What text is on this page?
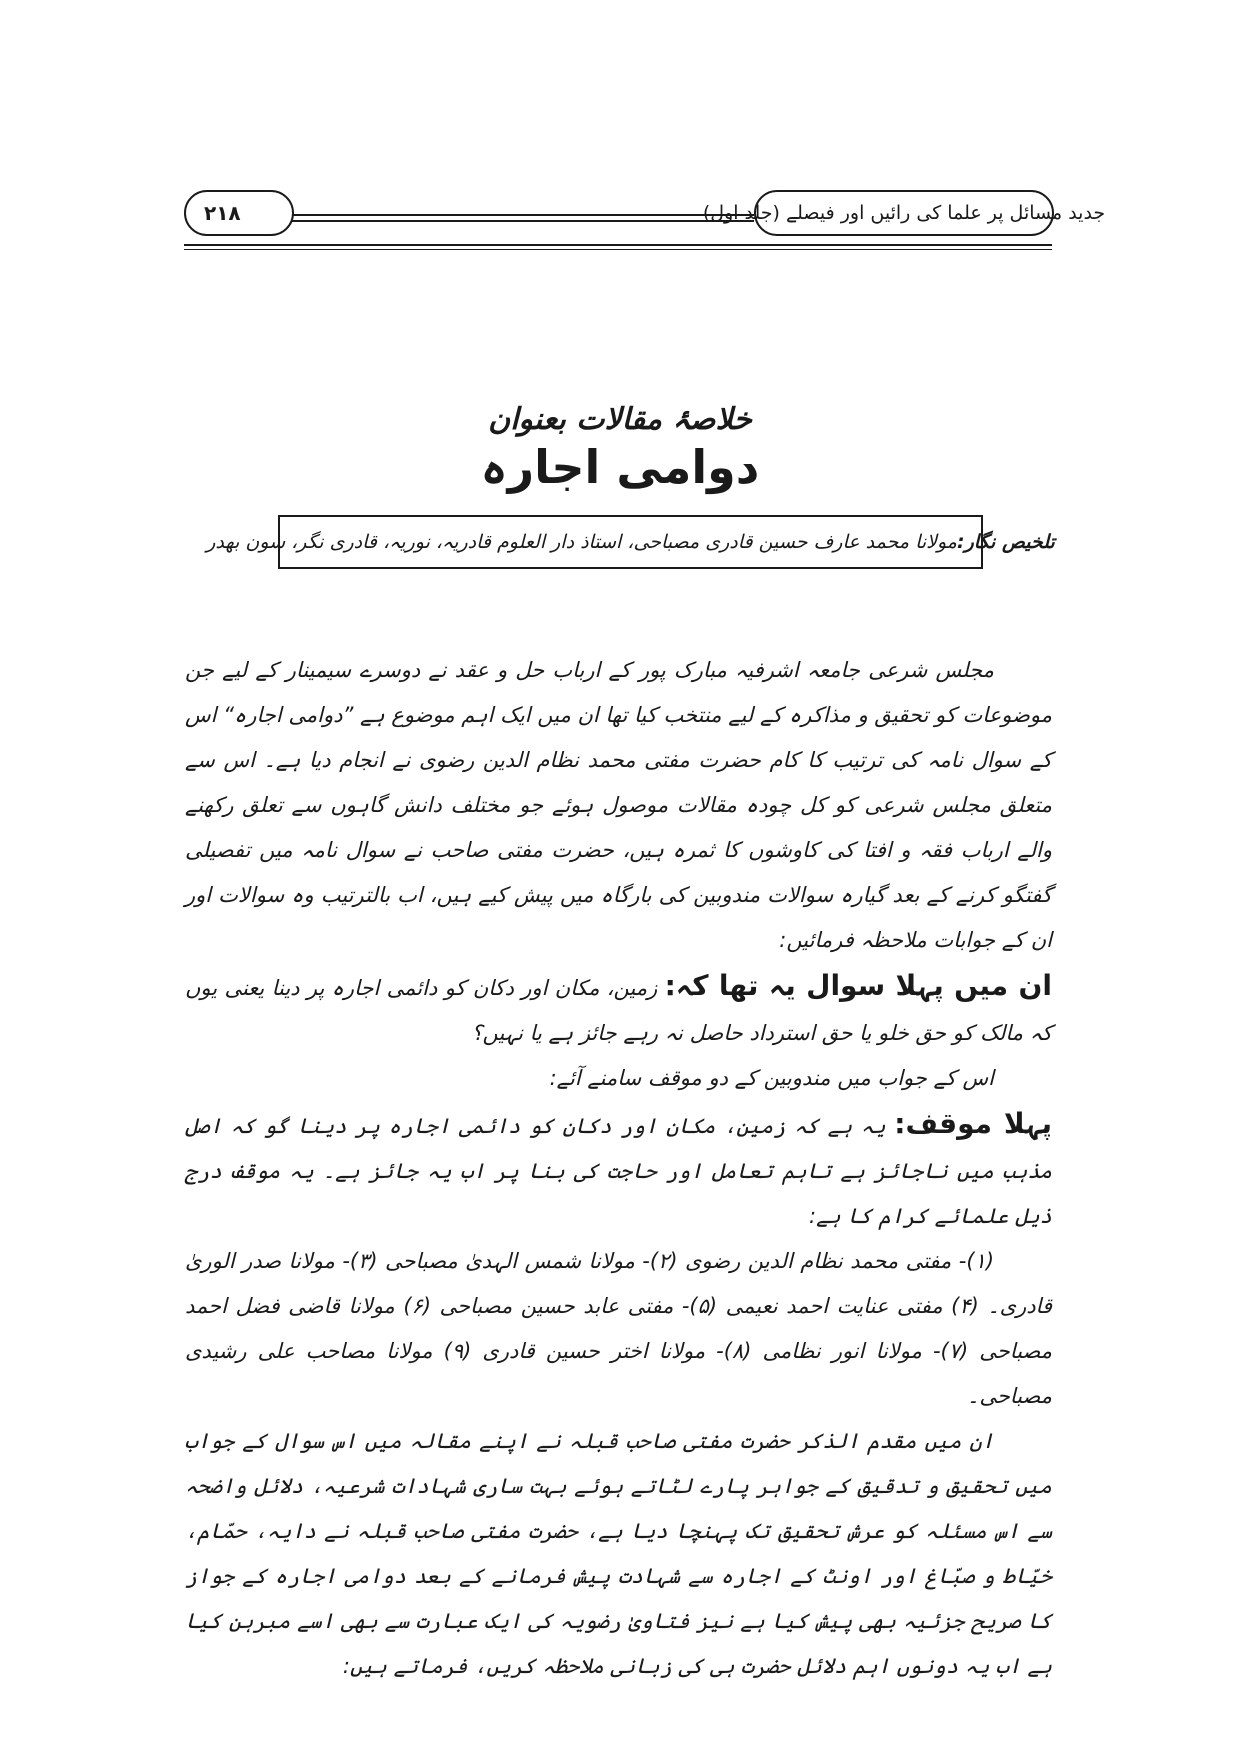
۲۱۸	جدید مسائل پر علما کی رائیں اور فیصلے (جلد اول)
خلاصۂ مقالات بعنوان
دوامی اجارہ
تلخیص نگار:مولانا محمد عارف حسین قادری مصباحی، استاذ دار العلوم قادریہ، نوریہ، قادری نگر، سون بھدر

مجلس شرعی جامعہ اشرفیہ مبارک پور کے ارباب حل و عقد نے دوسرے سیمینار کے لیے جن موضوعات کو تحقیق و مذاکرہ کے لیے منتخب کیا تھا ان میں ایک اہم موضوع ہے ”دوامی اجارہ“ اس کے سوال نامہ کی ترتیب کا کام حضرت مفتی محمد نظام الدین رضوی نے انجام دیا ہے۔ اس سے متعلق مجلس شرعی کو کل چودہ مقالات موصول ہوئے جو مختلف دانش گاہوں سے تعلق رکھنے والے ارباب فقہ و افتا کی کاوشوں کا ثمرہ ہیں، حضرت مفتی صاحب نے سوال نامہ میں تفصیلی گفتگو کرنے کے بعد گیارہ سوالات مندوبین کی بارگاہ میں پیش کیے ہیں، اب بالترتیب وہ سوالات اور ان کے جوابات ملاحظہ فرمائیں:

ان میں پہلا سوال یہ تھا کہ: زمین، مکان اور دکان کو دائمی اجارہ پر دینا یعنی یوں کہ مالک کو حق خلو یا حق استرداد حاصل نہ رہے جائز ہے یا نہیں؟

اس کے جواب میں مندوبین کے دو موقف سامنے آئے:

پہلا موقف: یہ ہے کہ زمین، مکان اور دکان کو دائمی اجارہ پر دینا گو کہ اصل مذہب میں ناجائز ہے تاہم تعامل اور حاجت کی بنا پر اب یہ جائز ہے۔ یہ موقف درج ذیل علمائے کرام کا ہے:

(۱)- مفتی محمد نظام الدین رضوی (۲)- مولانا شمس الہدیٰ مصباحی (۳)- مولانا صدر الوریٰ قادری۔ (۴) مفتی عنایت احمد نعیمی (۵)- مفتی عابد حسین مصباحی (۶) مولانا قاضی فضل احمد مصباحی (۷)- مولانا انور نظامی (۸)- مولانا اختر حسین قادری (۹) مولانا مصاحب علی رشیدی مصباحی۔

ان میں مقدم الذکر حضرت مفتی صاحب قبلہ نے اپنے مقالہ میں اس سوال کے جواب میں تحقیق و تدقیق کے جواہر پارے لٹاتے ہوئے بہت ساری شہادات شرعیہ، دلائل واضحہ سے اس مسئلہ کو عرش تحقیق تک پہنچا دیا ہے، حضرت مفتی صاحب قبلہ نے دایہ، حمّام، خیّاط و صبّاغ اور اونٹ کے اجارہ سے شہادت پیش فرمانے کے بعد دوامی اجارہ کے جواز کا صریح جزئیہ بھی پیش کیا ہے نیز فتاویٰ رضویہ کی ایک عبارت سے بھی اسے مبرہن کیا ہے اب یہ دونوں اہم دلائل حضرت ہی کی زبانی ملاحظہ کریں، فرماتے ہیں:
